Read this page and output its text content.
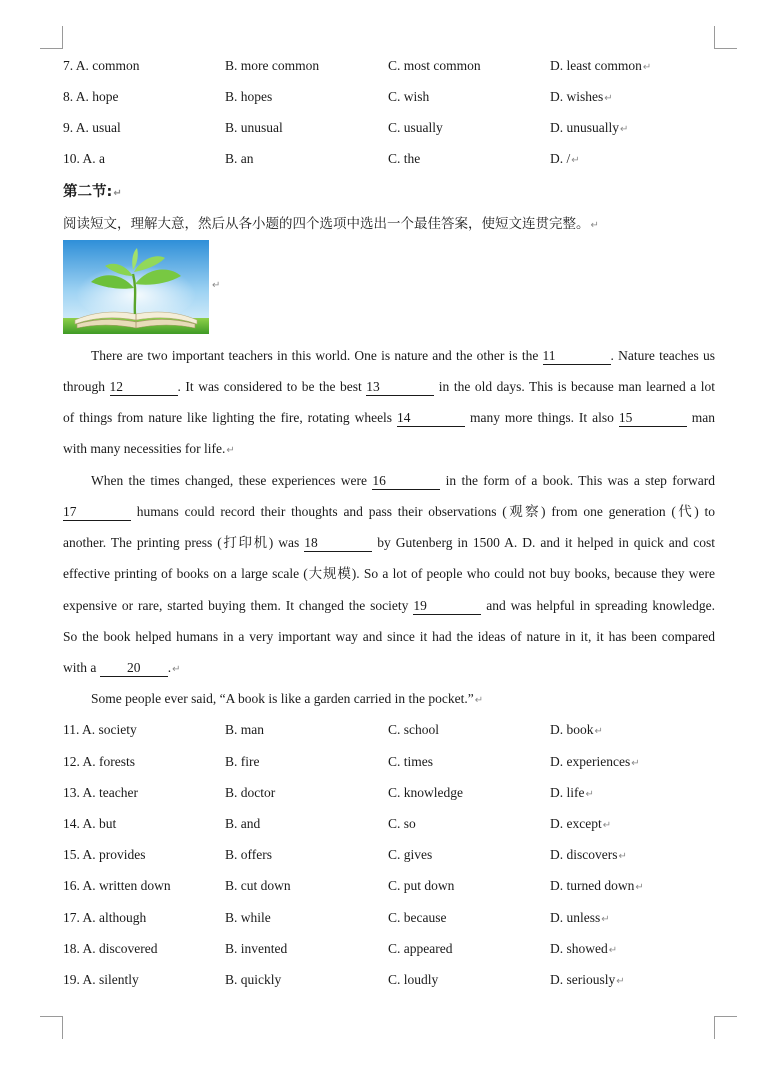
7. A. common	B. more common	C. most common	D. least common↵
8. A. hope	B. hopes	C. wish	D. wishes↵
9. A. usual	B. unusual	C. usually	D. unusually↵
10. A. a	B. an	C. the	D. /↵
第二节:↵
阅读短文，理解大意，然后从各小题的四个选项中选出一个最佳答案，使短文连贯完整。↵
↵
There are two important teachers in this world. One is nature and the other is the 11	. Nature teaches us
through 12	. It was considered to be the best 13	in the old days. This is because man learned a lot
of things from nature like lighting the fire, rotating wheels 14	many more things. It also 15	man
with many necessities for life.↵
When the times changed, these experiences were 16	in the form of a book. This was a step forward
17	humans could record their thoughts and pass their observations (观察) from one generation (代) to
another. The printing press (打印机) was 18	by Gutenberg in 1500 A. D. and it helped in quick and cost
effective printing of books on a large scale (大规模). So a lot of people who could not buy books, because they were
expensive or rare, started buying them. It changed the society 19	and was helpful in spreading knowledge.
So the book helped humans in a very important way and since it had the ideas of nature in it, it has been compared
with a 20 .↵
Some people ever said, “A book is like a garden carried in the pocket.”↵
11. A. society	B. man	C. school	D. book↵
12. A. forests	B. fire	C. times	D. experiences↵
13. A. teacher	B. doctor	C. knowledge	D. life↵
14. A. but	B. and	C. so	D. except↵
15. A. provides	B. offers	C. gives	D. discovers↵
16. A. written down	B. cut down	C. put down	D. turned down↵
17. A. although	B. while	C. because	D. unless↵
18. A. discovered	B. invented	C. appeared	D. showed↵
19. A. silently	B. quickly	C. loudly	D. seriously↵
